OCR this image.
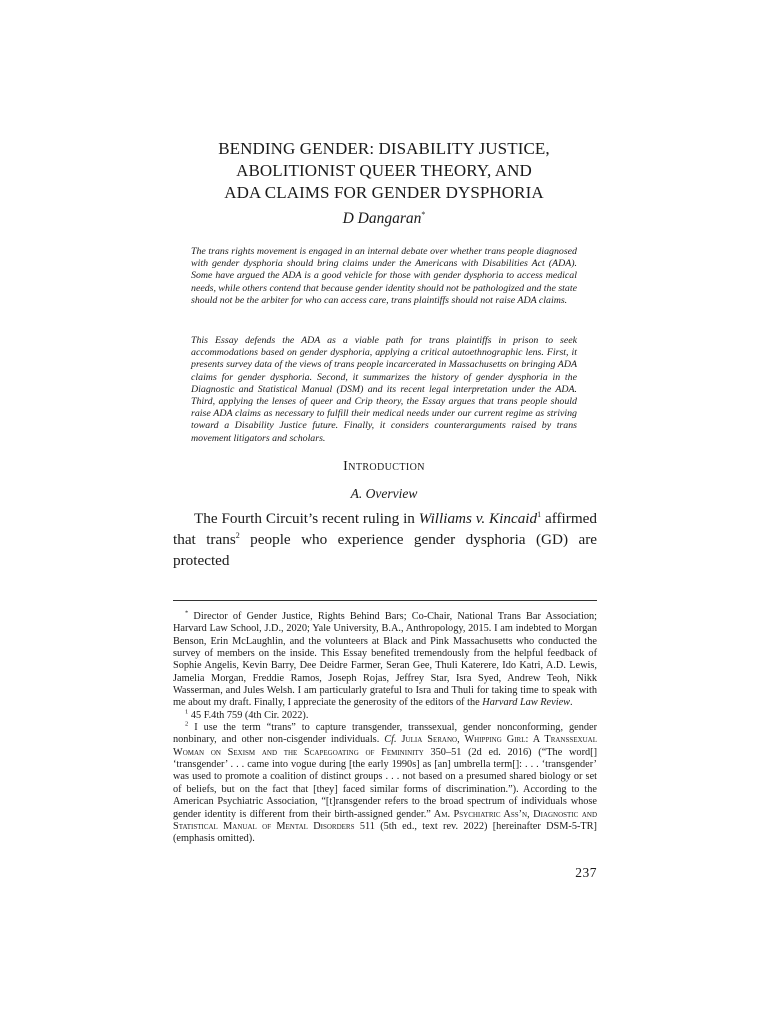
BENDING GENDER: DISABILITY JUSTICE,
ABOLITIONIST QUEER THEORY, AND
ADA CLAIMS FOR GENDER DYSPHORIA
D Dangaran*
The trans rights movement is engaged in an internal debate over whether trans people diagnosed with gender dysphoria should bring claims under the Americans with Disabilities Act (ADA). Some have argued the ADA is a good vehicle for those with gender dysphoria to access medical needs, while others contend that because gender identity should not be pathologized and the state should not be the arbiter for who can access care, trans plaintiffs should not raise ADA claims.
This Essay defends the ADA as a viable path for trans plaintiffs in prison to seek accommodations based on gender dysphoria, applying a critical autoethnographic lens. First, it presents survey data of the views of trans people incarcerated in Massachusetts on bringing ADA claims for gender dysphoria. Second, it summarizes the history of gender dysphoria in the Diagnostic and Statistical Manual (DSM) and its recent legal interpretation under the ADA. Third, applying the lenses of queer and Crip theory, the Essay argues that trans people should raise ADA claims as necessary to fulfill their medical needs under our current regime as striving toward a Disability Justice future. Finally, it considers counterarguments raised by trans movement litigators and scholars.
Introduction
A. Overview
The Fourth Circuit’s recent ruling in Williams v. Kincaid$^1$ affirmed that trans$^2$ people who experience gender dysphoria (GD) are protected

* Director of Gender Justice, Rights Behind Bars; Co-Chair, National Trans Bar Association; Harvard Law School, J.D., 2020; Yale University, B.A., Anthropology, 2015. I am indebted to Morgan Benson, Erin McLaughlin, and the volunteers at Black and Pink Massachusetts who conducted the survey of members on the inside. This Essay benefited tremendously from the helpful feedback of Sophie Angelis, Kevin Barry, Dee Deidre Farmer, Seran Gee, Thuli Katerere, Ido Katri, A.D. Lewis, Jamelia Morgan, Freddie Ramos, Joseph Rojas, Jeffrey Star, Isra Syed, Andrew Teoh, Nikk Wasserman, and Jules Welsh. I am particularly grateful to Isra and Thuli for taking time to speak with me about my draft. Finally, I appreciate the generosity of the editors of the Harvard Law Review.

$^1$ 45 F.4th 759 (4th Cir. 2022).

$^2$ I use the term “trans” to capture transgender, transsexual, gender nonconforming, gender nonbinary, and other non-cisgender individuals. Cf. Julia Serano, Whipping Girl: A Transsexual Woman on Sexism and the Scapegoating of Femininity 350–51 (2d ed. 2016) (“The word[] ‘transgender’ . . . came into vogue during [the early 1990s] as [an] umbrella term[]: . . . ‘transgender’ was used to promote a coalition of distinct groups . . . not based on a presumed shared biology or set of beliefs, but on the fact that [they] faced similar forms of discrimination.”). According to the American Psychiatric Association, “[t]ransgender refers to the broad spectrum of individuals whose gender identity is different from their birth-assigned gender.” Am. Psychiatric Ass’n, Diagnostic and Statistical Manual of Mental Disorders 511 (5th ed., text rev. 2022) [hereinafter DSM-5-TR] (emphasis omitted).

237
